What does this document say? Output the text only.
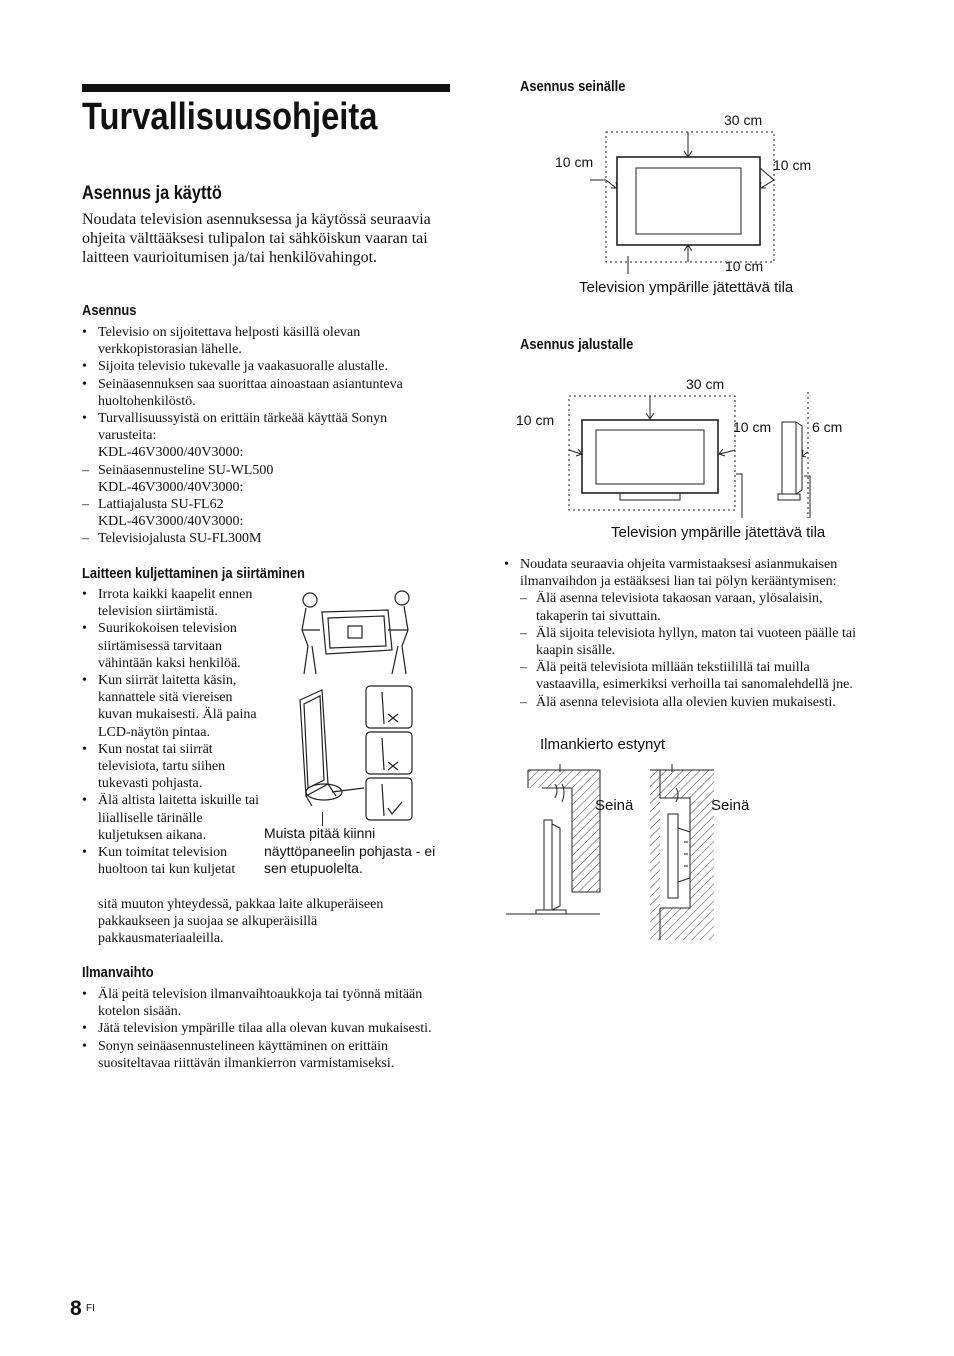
Turvallisuusohjeita
Asennus ja käyttö
Noudata television asennuksessa ja käytössä seuraavia ohjeita välttääksesi tulipalon tai sähköiskun vaaran tai laitteen vaurioitumisen ja/tai henkilövahingot.
Asennus
• Televisio on sijoitettava helposti käsillä olevan verkkopistorasian lähelle.
• Sijoita televisio tukevalle ja vaakasuoralle alustalle.
• Seinäasennuksen saa suorittaa ainoastaan asiantunteva huoltohenkilöstö.
• Turvallisuussyistä on erittäin tärkeää käyttää Sonyn varusteita:
KDL-46V3000/40V3000:
– Seinäasennusteline SU-WL500
KDL-46V3000/40V3000:
– Lattiajalusta SU-FL62
KDL-46V3000/40V3000:
– Televisiojalusta SU-FL300M
Laitteen kuljettaminen ja siirtäminen
• Irrota kaikki kaapelit ennen television siirtämistä.
• Suurikokoisen television siirtämisessä tarvitaan vähintään kaksi henkilöä.
• Kun siirrät laitetta käsin, kannattele sitä viereisen kuvan mukaisesti. Älä paina LCD-näytön pintaa.
• Kun nostat tai siirrät televisiota, tartu siihen tukevasti pohjasta.
• Älä altista laitetta iskuille tai liialliselle tärinälle kuljetuksen aikana.
• Kun toimitat television huoltoon tai kun kuljetat
sitä muuton yhteydessä, pakkaa laite alkuperäiseen pakkaukseen ja suojaa se alkuperäisillä pakkausmateriaaleilla.
Muista pitää kiinni näyttöpaneelin pohjasta - ei sen etupuolelta.
Ilmanvaihto
• Älä peitä television ilmanvaihtoaukkoja tai työnnä mitään kotelon sisään.
• Jätä television ympärille tilaa alla olevan kuvan mukaisesti.
• Sonyn seinäasennustelineen käyttäminen on erittäin suositeltavaa riittävän ilmankierron varmistamiseksi.
Asennus seinälle
30 cm
10 cm	10 cm
10 cm
Television ympärille jätettävä tila
Asennus jalustalle
30 cm
10 cm	10 cm	6 cm
Television ympärille jätettävä tila
• Noudata seuraavia ohjeita varmistaaksesi asianmukaisen ilmanvaihdon ja estääksesi lian tai pölyn kerääntymisen:
– Älä asenna televisiota takaosan varaan, ylösalaisin, takaperin tai sivuttain.
– Älä sijoita televisiota hyllyn, maton tai vuoteen päälle tai kaapin sisälle.
– Älä peitä televisiota millään tekstiilillä tai muilla vastaavilla, esimerkiksi verhoilla tai sanomalehdellä jne.
– Älä asenna televisiota alla olevien kuvien mukaisesti.
Ilmankierto estynyt
Seinä	Seinä
8 FI
